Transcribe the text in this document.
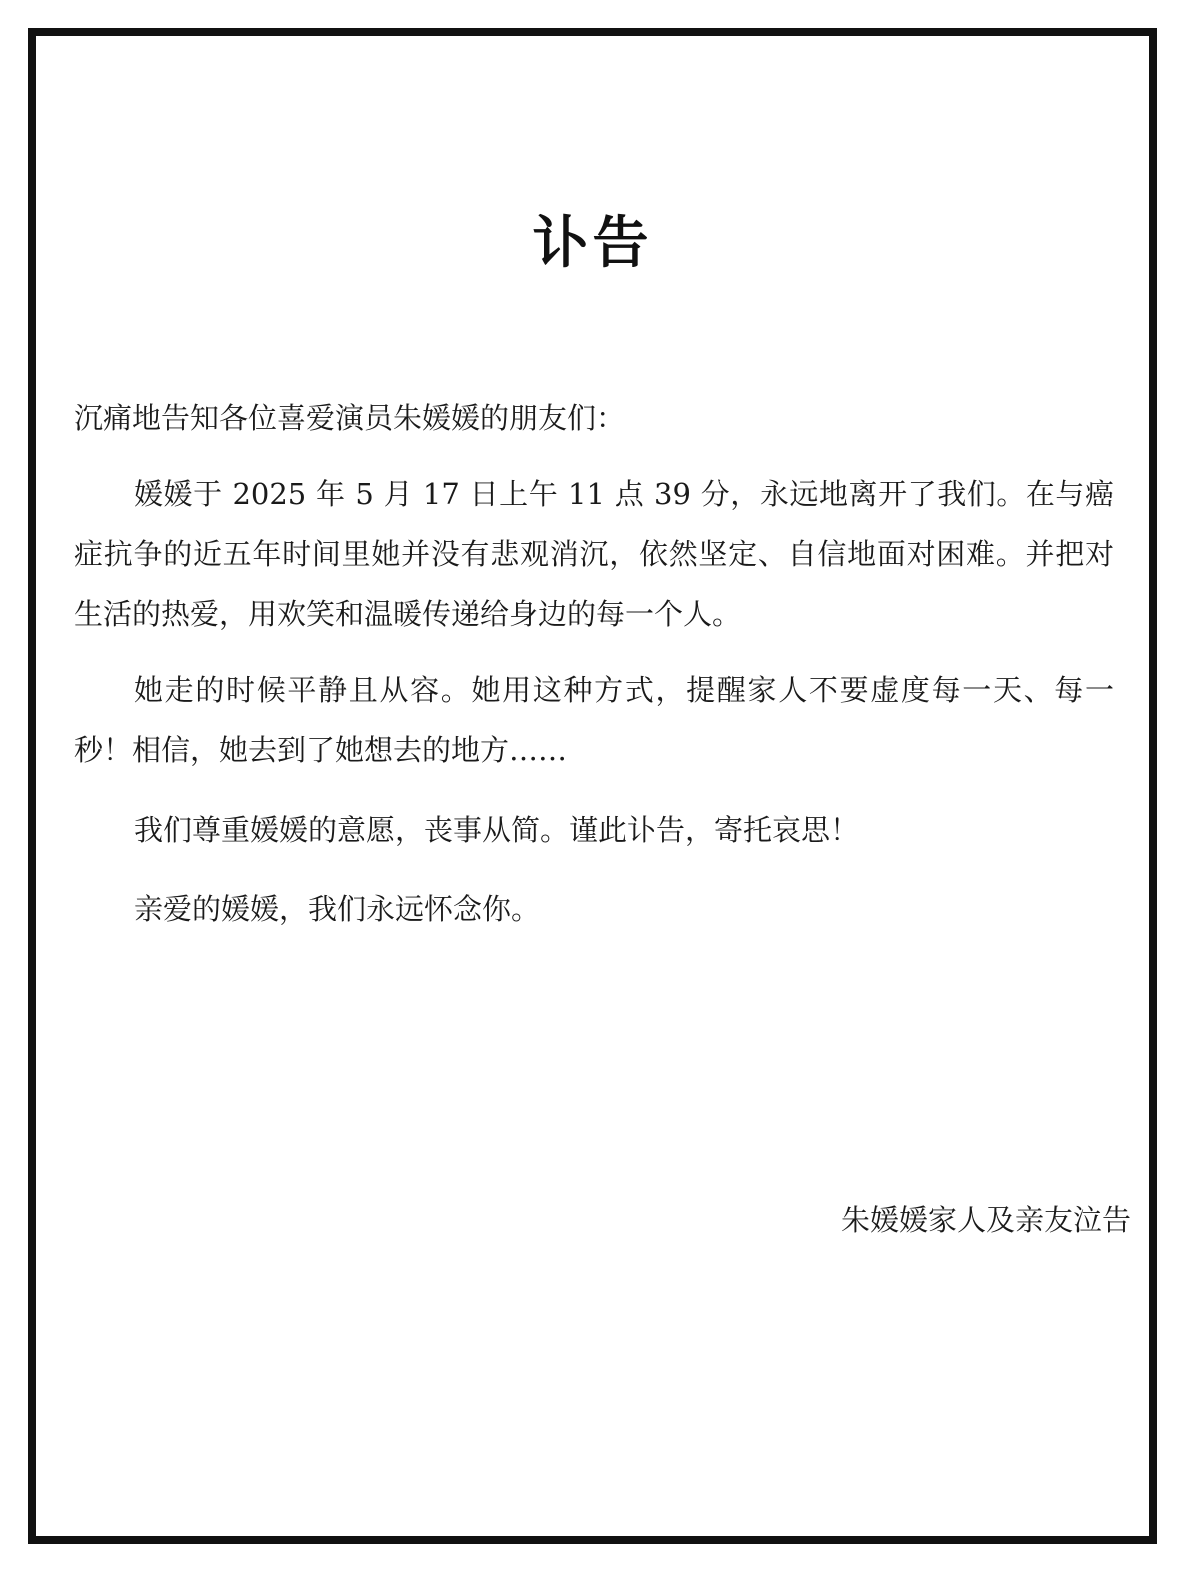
讣告
沉痛地告知各位喜爱演员朱媛媛的朋友们：

媛媛于 2025 年 5 月 17 日上午 11 点 39 分，永远地离开了我们。在与癌症抗争的近五年时间里她并没有悲观消沉，依然坚定、自信地面对困难。并把对生活的热爱，用欢笑和温暖传递给身边的每一个人。

她走的时候平静且从容。她用这种方式，提醒家人不要虚度每一天、每一秒！相信，她去到了她想去的地方……

我们尊重媛媛的意愿，丧事从简。谨此讣告，寄托哀思！

亲爱的媛媛，我们永远怀念你。

朱媛媛家人及亲友泣告
